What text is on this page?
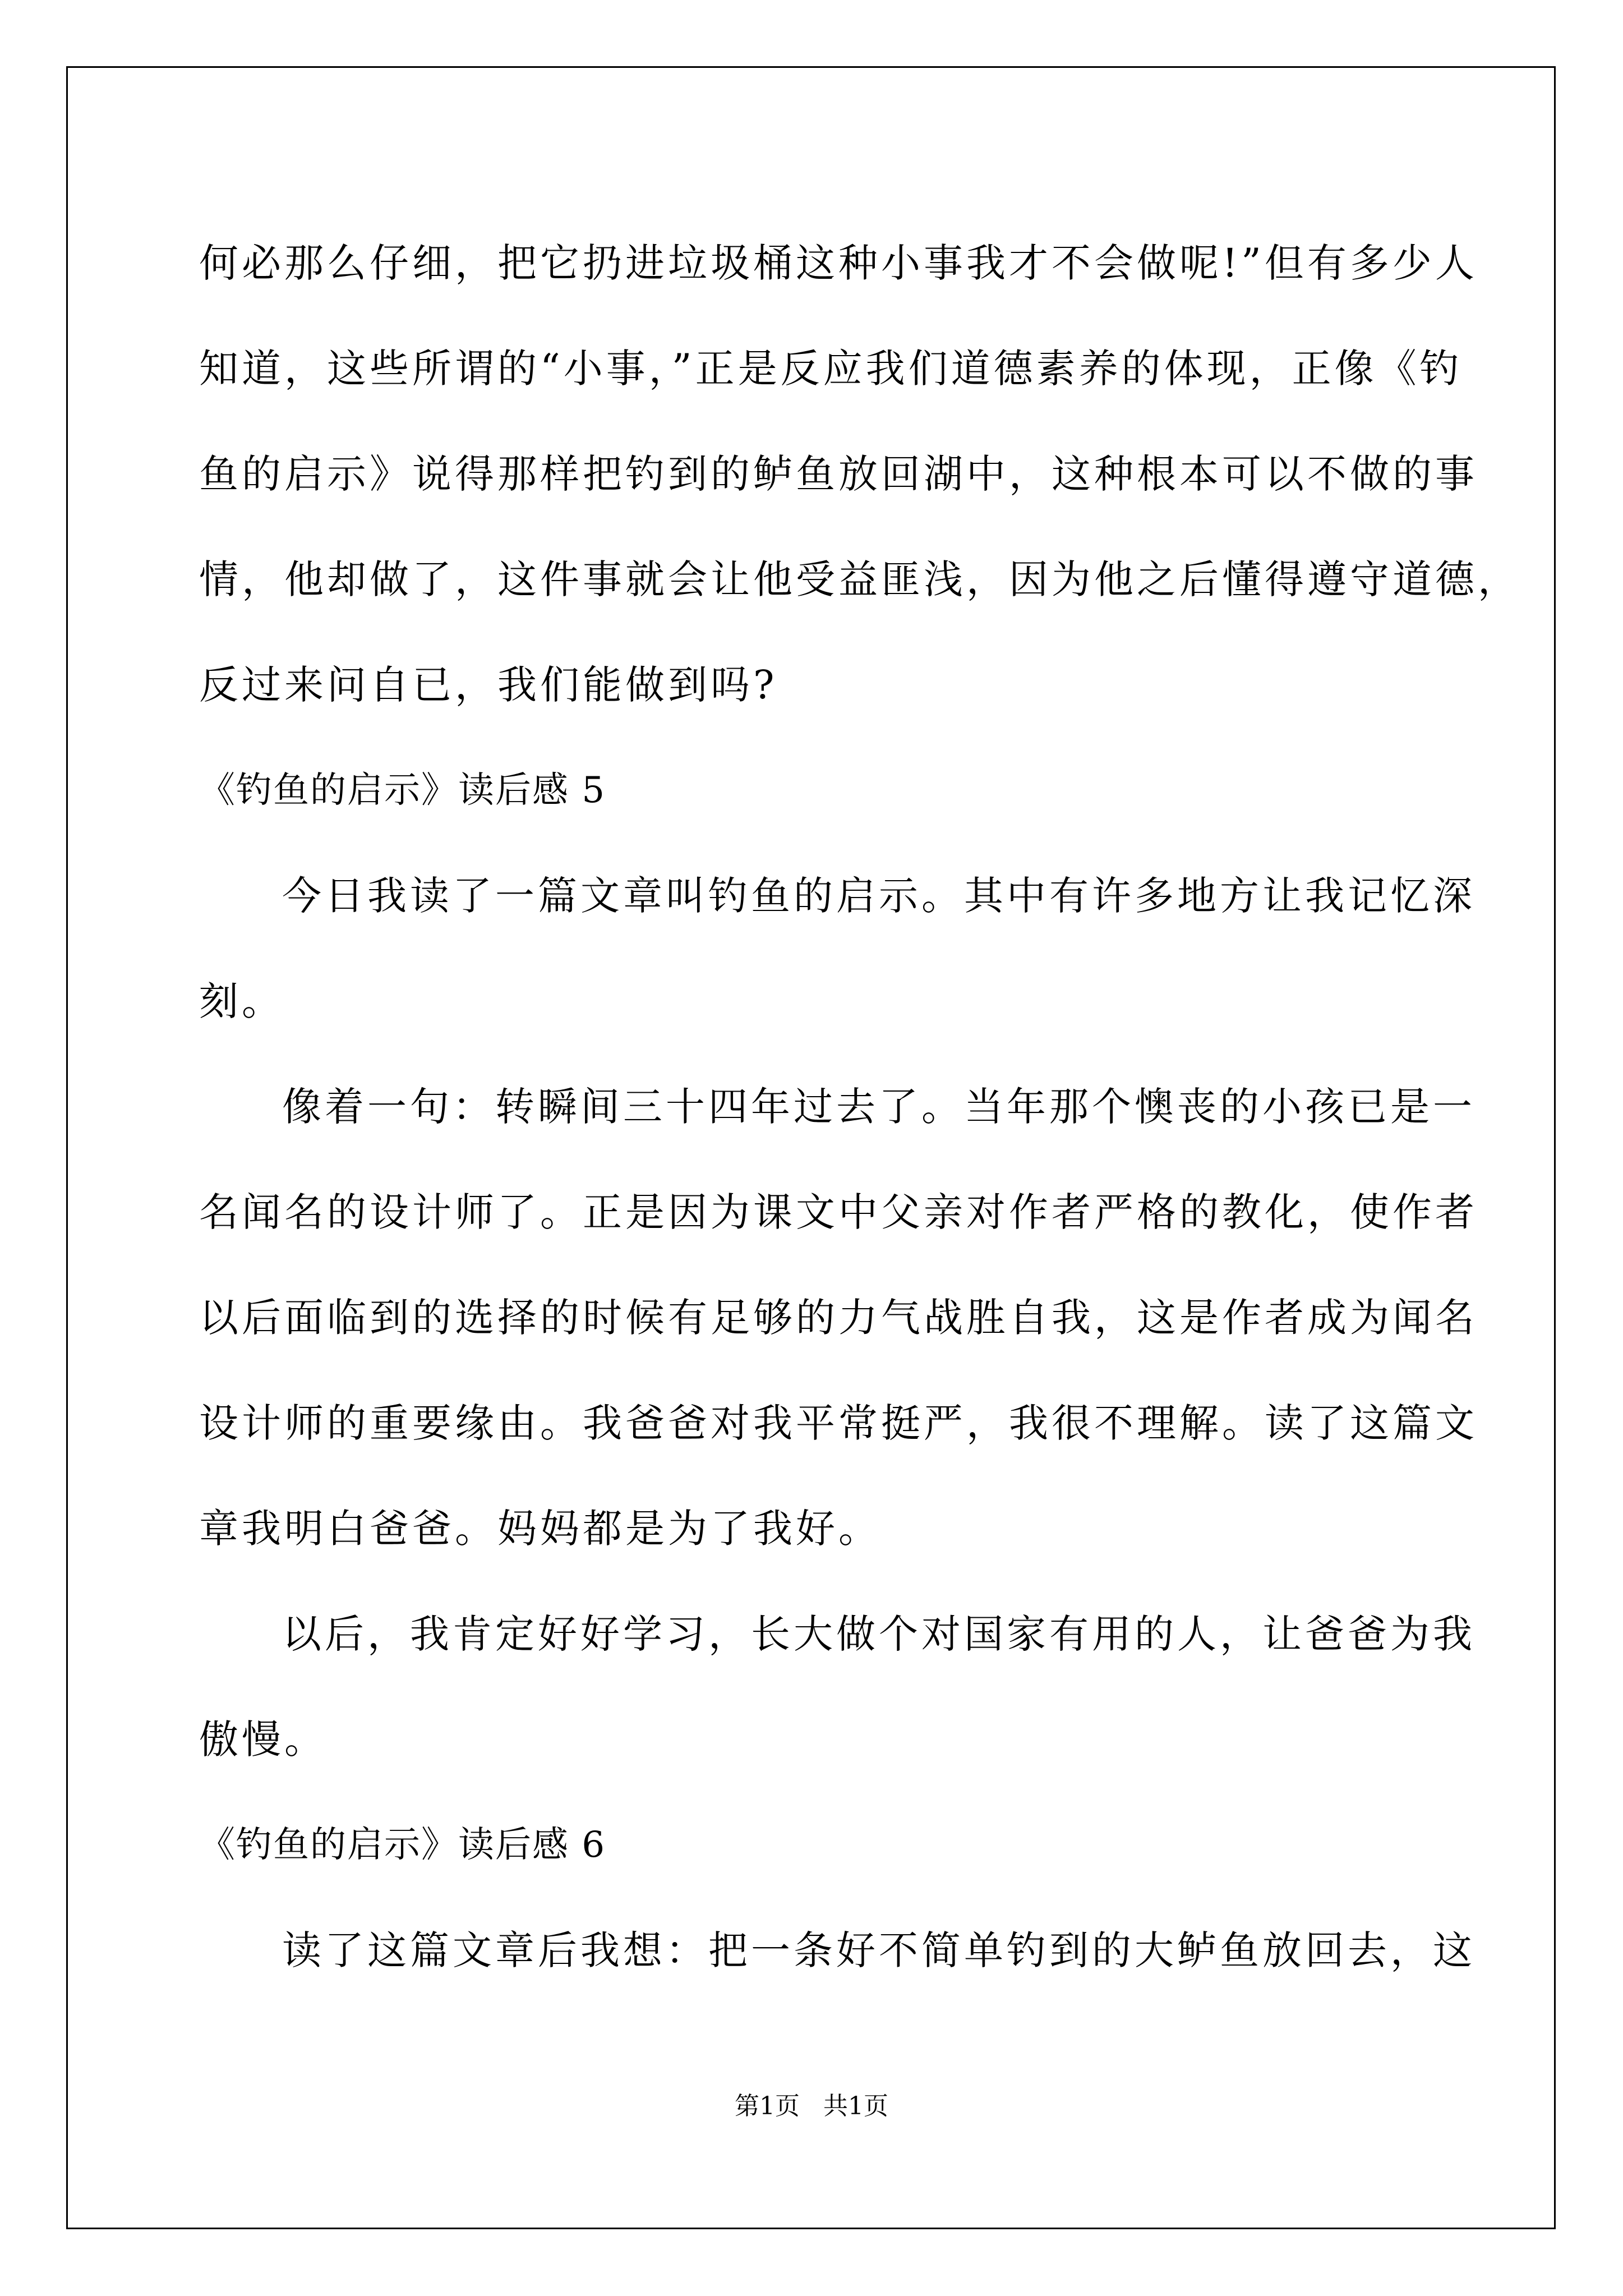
何必那么仔细，把它扔进垃圾桶这种小事我才不会做呢!”但有多少人

知道，这些所谓的“小事，”正是反应我们道德素养的体现，正像《钓

鱼的启示》说得那样把钓到的鲈鱼放回湖中，这种根本可以不做的事

情，他却做了，这件事就会让他受益匪浅，因为他之后懂得遵守道德，

反过来问自已，我们能做到吗?

《钓鱼的启示》读后感 5

今日我读了一篇文章叫钓鱼的启示。其中有许多地方让我记忆深

刻。

像着一句：转瞬间三十四年过去了。当年那个懊丧的小孩已是一

名闻名的设计师了。正是因为课文中父亲对作者严格的教化，使作者

以后面临到的选择的时候有足够的力气战胜自我，这是作者成为闻名

设计师的重要缘由。我爸爸对我平常挺严，我很不理解。读了这篇文

章我明白爸爸。妈妈都是为了我好。

以后，我肯定好好学习，长大做个对国家有用的人，让爸爸为我

傲慢。

《钓鱼的启示》读后感 6

读了这篇文章后我想：把一条好不简单钓到的大鲈鱼放回去，这

第1页 共1页
